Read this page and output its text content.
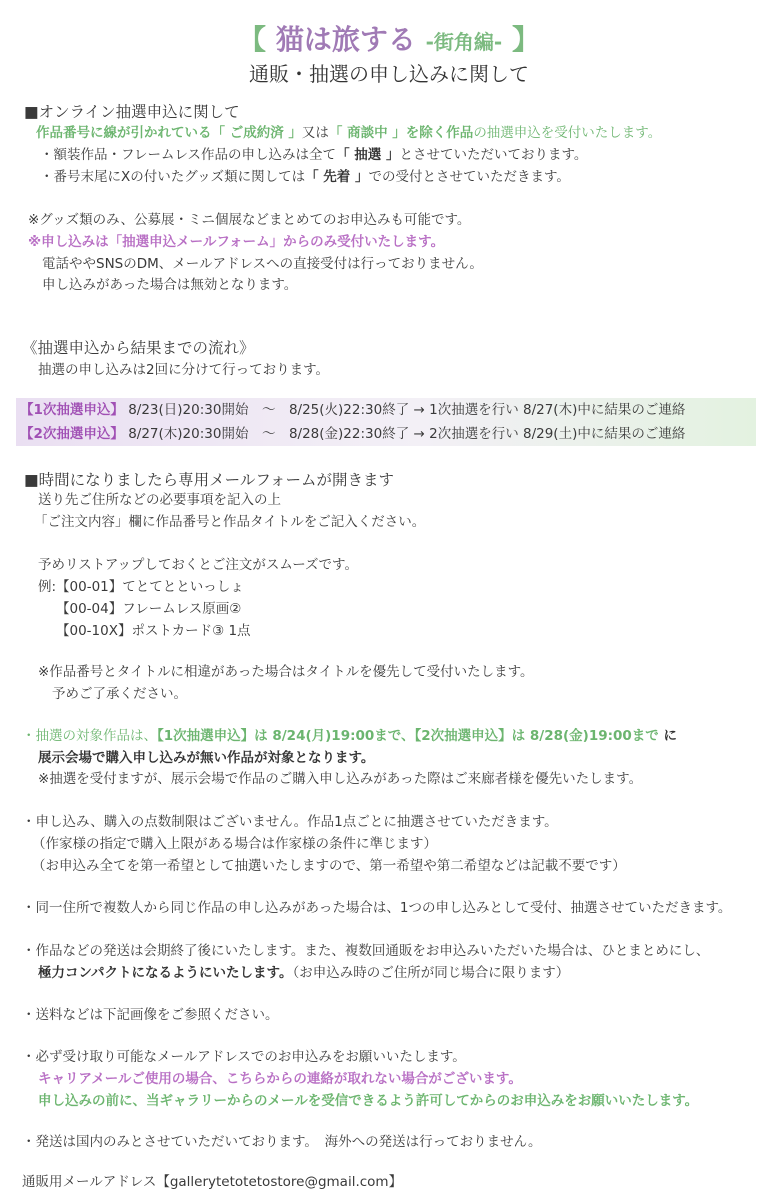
【 猫は旅する -街角編- 】
通販・抽選の申し込みに関して
■オンライン抽選申込に関して
作品番号に線が引かれている「 ご成約済 」又は「 商談中 」を除く作品の抽選申込を受付いたします。
・額装作品・フレームレス作品の申し込みは全て「 抽選 」とさせていただいております。
・番号末尾にXの付いたグッズ類に関しては「 先着 」での受付とさせていただきます。
※グッズ類のみ、公募展・ミニ個展などまとめてのお申込みも可能です。
※申し込みは「抽選申込メールフォーム」からのみ受付いたします。
電話ややSNSのDM、メールアドレスへの直接受付は行っておりません。
申し込みがあった場合は無効となります。
《抽選申込から結果までの流れ》
抽選の申し込みは2回に分けて行っております。
【1次抽選申込】 8/23(日)20:30開始　～　8/25(火)22:30終了 → 1次抽選を行い 8/27(木)中に結果のご連絡
【2次抽選申込】 8/27(木)20:30開始　～　8/28(金)22:30終了 → 2次抽選を行い 8/29(土)中に結果のご連絡
■時間になりましたら専用メールフォームが開きます
送り先ご住所などの必要事項を記入の上
「ご注文内容」欄に作品番号と作品タイトルをご記入ください。
予めリストアップしておくとご注文がスムーズです。
例:【00-01】てとてとといっしょ
【00-04】フレームレス原画②
【00-10X】ポストカード③ 1点
※作品番号とタイトルに相違があった場合はタイトルを優先して受付いたします。
予めご了承ください。
・抽選の対象作品は、【1次抽選申込】は 8/24(月)19:00まで、【2次抽選申込】は 8/28(金)19:00まで に
展示会場で購入申し込みが無い作品が対象となります。
※抽選を受付ますが、展示会場で作品のご購入申し込みがあった際はご来廊者様を優先いたします。
・申し込み、購入の点数制限はございません。作品1点ごとに抽選させていただきます。
（作家様の指定で購入上限がある場合は作家様の条件に準じます）
（お申込み全てを第一希望として抽選いたしますので、第一希望や第二希望などは記載不要です）
・同一住所で複数人から同じ作品の申し込みがあった場合は、1つの申し込みとして受付、抽選させていただきます。
・作品などの発送は会期終了後にいたします。また、複数回通販をお申込みいただいた場合は、ひとまとめにし、
極力コンパクトになるようにいたします。（お申込み時のご住所が同じ場合に限ります）
・送料などは下記画像をご参照ください。
・必ず受け取り可能なメールアドレスでのお申込みをお願いいたします。
キャリアメールご使用の場合、こちらからの連絡が取れない場合がございます。
申し込みの前に、当ギャラリーからのメールを受信できるよう許可してからのお申込みをお願いいたします。
・発送は国内のみとさせていただいております。　海外への発送は行っておりません。
通販用メールアドレス【gallerytetotetostore@gmail.com】
